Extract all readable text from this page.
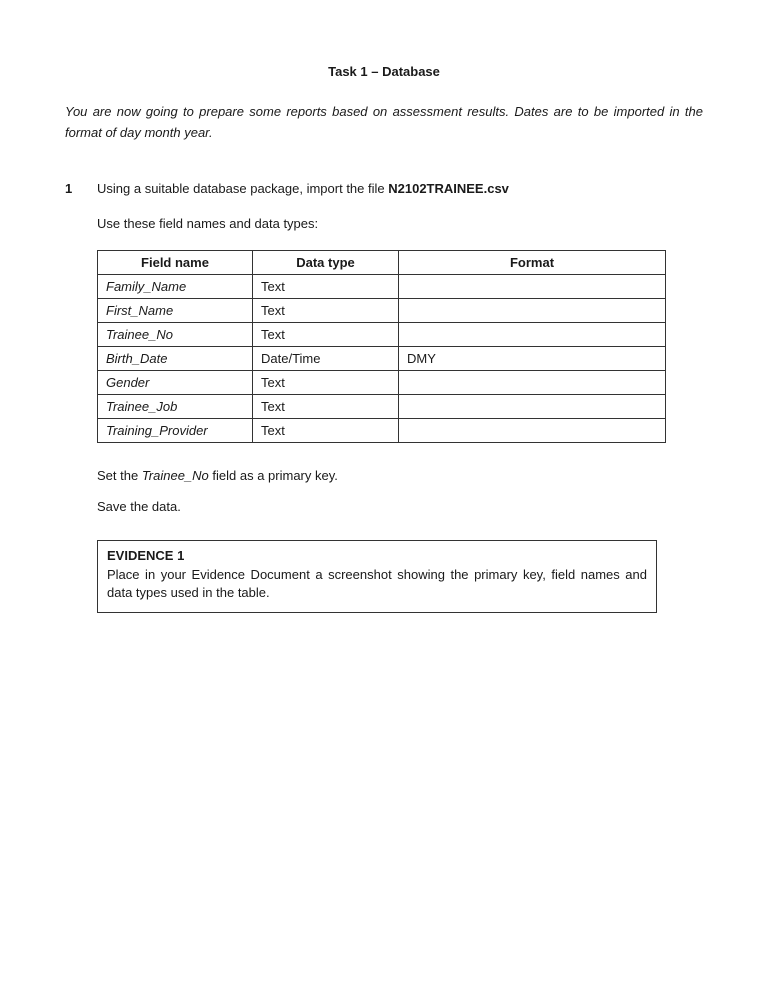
Task 1 – Database
You are now going to prepare some reports based on assessment results. Dates are to be imported in the format of day month year.
1	Using a suitable database package, import the file N2102TRAINEE.csv
Use these field names and data types:
Field name	Data type	Format
Family_Name	Text	
First_Name	Text	
Trainee_No	Text	
Birth_Date	Date/Time	DMY
Gender	Text	
Trainee_Job	Text	
Training_Provider	Text	
Set the Trainee_No field as a primary key.
Save the data.
EVIDENCE 1
Place in your Evidence Document a screenshot showing the primary key, field names and data types used in the table.
